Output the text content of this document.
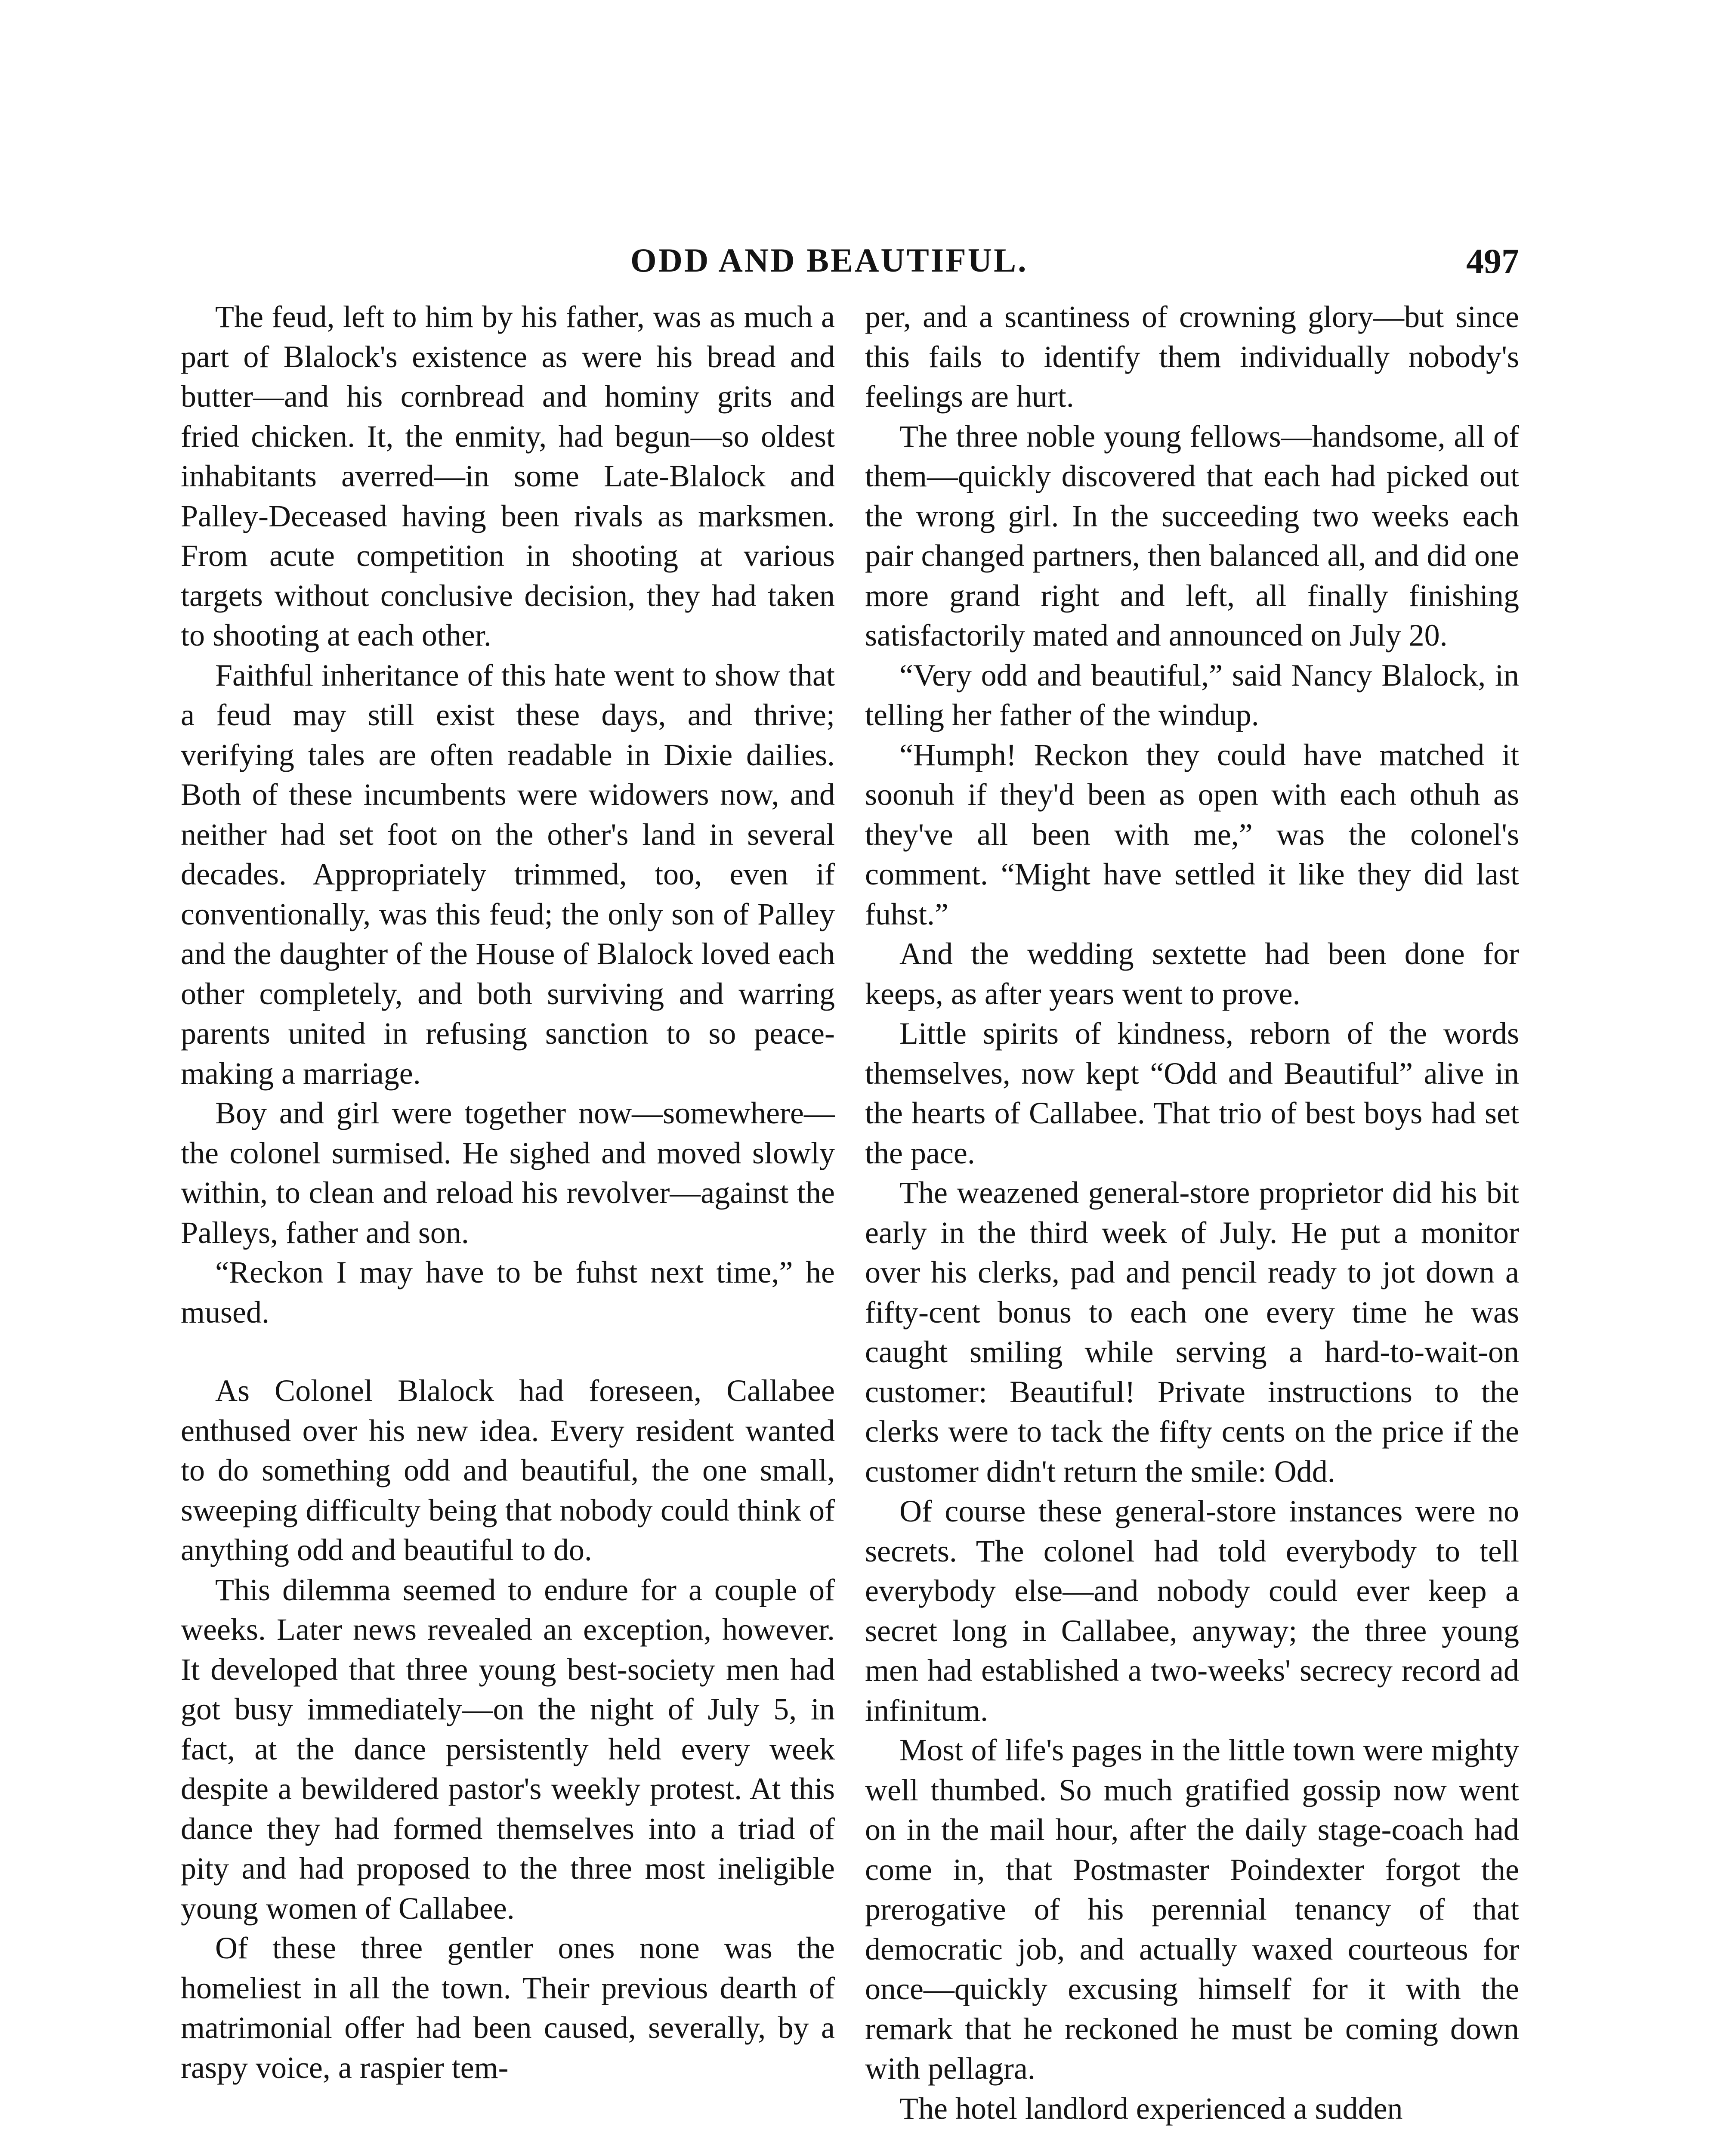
ODD AND BEAUTIFUL.	497

The feud, left to him by his father, was as much a part of Blalock's existence as were his bread and butter—and his cornbread and hominy grits and fried chicken. It, the enmity, had begun—so oldest inhabitants averred—in some Late-Blalock and Palley-Deceased having been rivals as marksmen. From acute competition in shooting at various targets without conclusive decision, they had taken to shooting at each other.

Faithful inheritance of this hate went to show that a feud may still exist these days, and thrive; verifying tales are often readable in Dixie dailies. Both of these incumbents were widowers now, and neither had set foot on the other's land in several decades. Appropriately trimmed, too, even if conventionally, was this feud; the only son of Palley and the daughter of the House of Blalock loved each other completely, and both surviving and warring parents united in refusing sanction to so peace-making a marriage.

Boy and girl were together now—somewhere—the colonel surmised. He sighed and moved slowly within, to clean and reload his revolver—against the Palleys, father and son.

“Reckon I may have to be fuhst next time,” he mused.

As Colonel Blalock had foreseen, Callabee enthused over his new idea. Every resident wanted to do something odd and beautiful, the one small, sweeping difficulty being that nobody could think of anything odd and beautiful to do.

This dilemma seemed to endure for a couple of weeks. Later news revealed an exception, however. It developed that three young best-society men had got busy immediately—on the night of July 5, in fact, at the dance persistently held every week despite a bewildered pastor's weekly protest. At this dance they had formed themselves into a triad of pity and had proposed to the three most ineligible young women of Callabee.

Of these three gentler ones none was the homeliest in all the town. Their previous dearth of matrimonial offer had been caused, severally, by a raspy voice, a raspier tem-

per, and a scantiness of crowning glory—but since this fails to identify them individually nobody's feelings are hurt.

The three noble young fellows—handsome, all of them—quickly discovered that each had picked out the wrong girl. In the succeeding two weeks each pair changed partners, then balanced all, and did one more grand right and left, all finally finishing satisfactorily mated and announced on July 20.

“Very odd and beautiful,” said Nancy Blalock, in telling her father of the windup.

“Humph! Reckon they could have matched it soonuh if they'd been as open with each othuh as they've all been with me,” was the colonel's comment. “Might have settled it like they did last fuhst.”

And the wedding sextette had been done for keeps, as after years went to prove.

Little spirits of kindness, reborn of the words themselves, now kept “Odd and Beautiful” alive in the hearts of Callabee. That trio of best boys had set the pace.

The weazened general-store proprietor did his bit early in the third week of July. He put a monitor over his clerks, pad and pencil ready to jot down a fifty-cent bonus to each one every time he was caught smiling while serving a hard-to-wait-on customer: Beautiful! Private instructions to the clerks were to tack the fifty cents on the price if the customer didn't return the smile: Odd.

Of course these general-store instances were no secrets. The colonel had told everybody to tell everybody else—and nobody could ever keep a secret long in Callabee, anyway; the three young men had established a two-weeks' secrecy record ad infinitum.

Most of life's pages in the little town were mighty well thumbed. So much gratified gossip now went on in the mail hour, after the daily stage-coach had come in, that Postmaster Poindexter forgot the prerogative of his perennial tenancy of that democratic job, and actually waxed courteous for once—quickly excusing himself for it with the remark that he reckoned he must be coming down with pellagra.

The hotel landlord experienced a sudden
